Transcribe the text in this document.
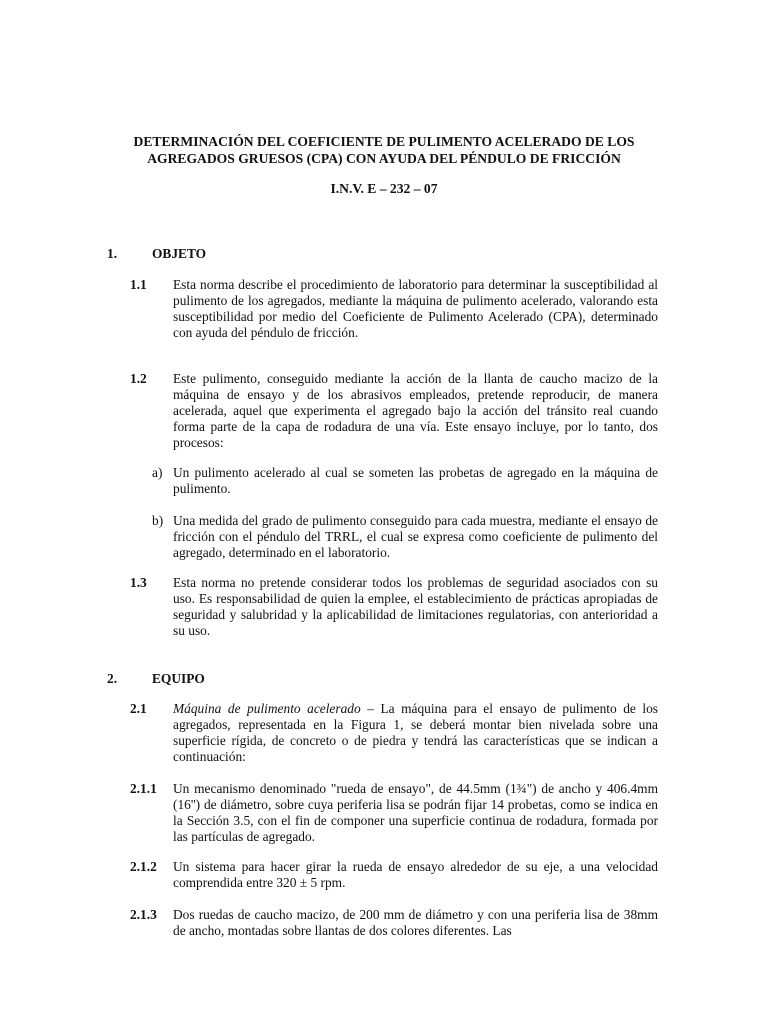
DETERMINACIÓN DEL COEFICIENTE DE PULIMENTO ACELERADO DE LOS
AGREGADOS GRUESOS (CPA) CON AYUDA DEL PÉNDULO DE FRICCIÓN
I.N.V. E – 232 – 07
1.	OBJETO
1.1 Esta norma describe el procedimiento de laboratorio para determinar la susceptibilidad al pulimento de los agregados, mediante la máquina de pulimento acelerado, valorando esta susceptibilidad por medio del Coeficiente de Pulimento Acelerado (CPA), determinado con ayuda del péndulo de fricción.
1.2 Este pulimento, conseguido mediante la acción de la llanta de caucho macizo de la máquina de ensayo y de los abrasivos empleados, pretende reproducir, de manera acelerada, aquel que experimenta el agregado bajo la acción del tránsito real cuando forma parte de la capa de rodadura de una vía. Este ensayo incluye, por lo tanto, dos procesos:
a) Un pulimento acelerado al cual se someten las probetas de agregado en la máquina de pulimento.
b) Una medida del grado de pulimento conseguido para cada muestra, mediante el ensayo de fricción con el péndulo del TRRL, el cual se expresa como coeficiente de pulimento del agregado, determinado en el laboratorio.
1.3 Esta norma no pretende considerar todos los problemas de seguridad asociados con su uso. Es responsabilidad de quien la emplee, el establecimiento de prácticas apropiadas de seguridad y salubridad y la aplicabilidad de limitaciones regulatorias, con anterioridad a su uso.
2.	EQUIPO
2.1 Máquina de pulimento acelerado – La máquina para el ensayo de pulimento de los agregados, representada en la Figura 1, se deberá montar bien nivelada sobre una superficie rígida, de concreto o de piedra y tendrá las características que se indican a continuación:
2.1.1 Un mecanismo denominado "rueda de ensayo", de 44.5mm (1¾") de ancho y 406.4mm (16'') de diámetro, sobre cuya periferia lisa se podrán fijar 14 probetas, como se indica en la Sección 3.5, con el fin de componer una superficie continua de rodadura, formada por las partículas de agregado.
2.1.2 Un sistema para hacer girar la rueda de ensayo alrededor de su eje, a una velocidad comprendida entre 320 ± 5 rpm.
2.1.3 Dos ruedas de caucho macizo, de 200 mm de diámetro y con una periferia lisa de 38mm de ancho, montadas sobre llantas de dos colores diferentes. Las
